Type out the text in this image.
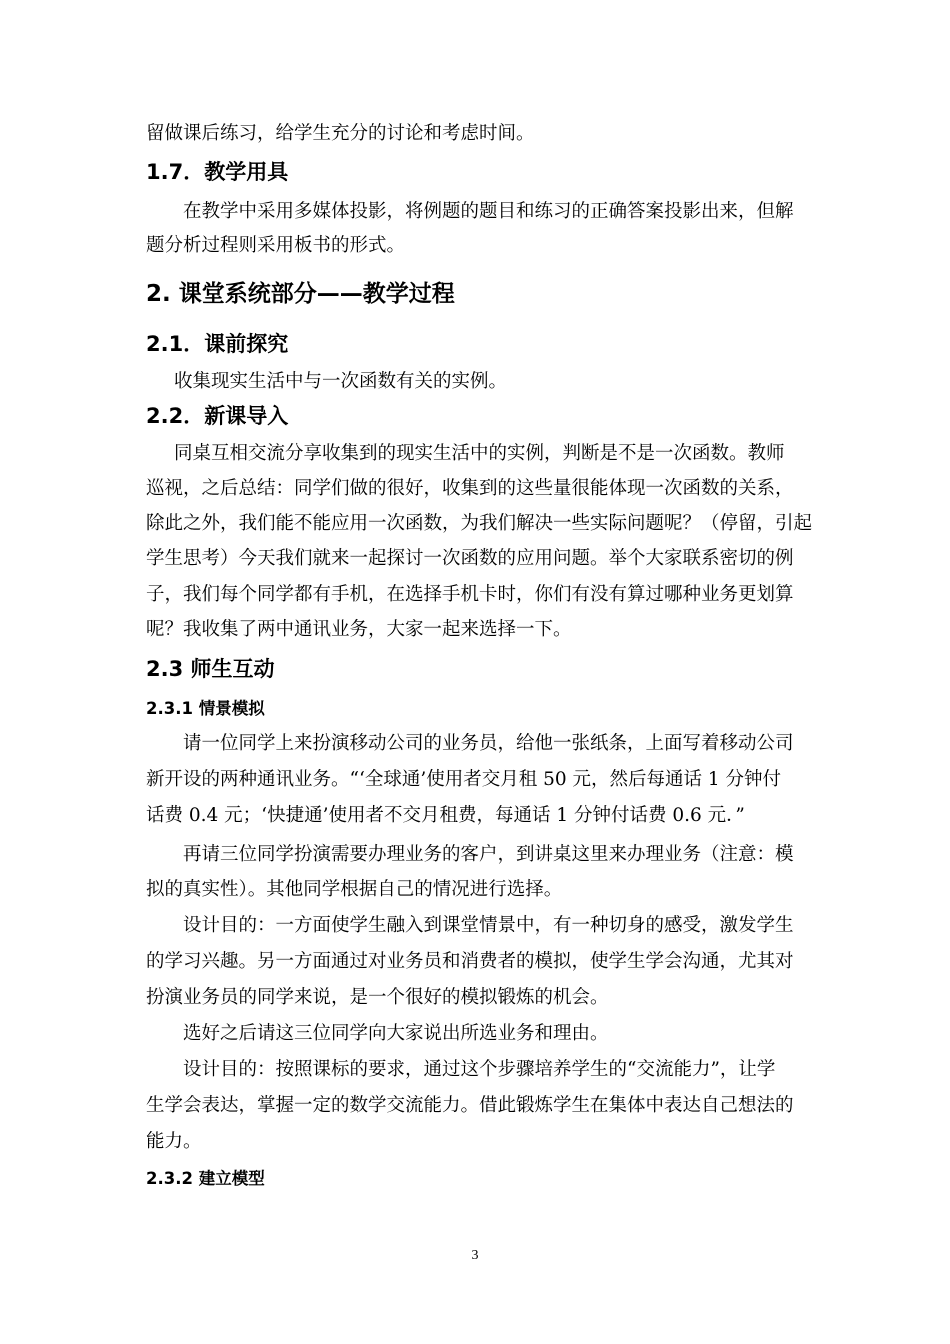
留做课后练习，给学生充分的讨论和考虑时间。
1.7．教学用具
在教学中采用多媒体投影，将例题的题目和练习的正确答案投影出来，但解
题分析过程则采用板书的形式。
2. 课堂系统部分——教学过程
2.1．课前探究
收集现实生活中与一次函数有关的实例。
2.2．新课导入
同桌互相交流分享收集到的现实生活中的实例，判断是不是一次函数。教师
巡视，之后总结：同学们做的很好，收集到的这些量很能体现一次函数的关系，
除此之外，我们能不能应用一次函数，为我们解决一些实际问题呢？（停留，引起
学生思考）今天我们就来一起探讨一次函数的应用问题。举个大家联系密切的例
子，我们每个同学都有手机，在选择手机卡时，你们有没有算过哪种业务更划算
呢？我收集了两中通讯业务，大家一起来选择一下。
2.3 师生互动
2.3.1 情景模拟
请一位同学上来扮演移动公司的业务员，给他一张纸条，上面写着移动公司
新开设的两种通讯业务。“‘全球通’使用者交月租 50 元，然后每通话 1 分钟付
话费 0.4 元；‘快捷通’使用者不交月租费，每通话 1 分钟付话费 0.6 元．”
再请三位同学扮演需要办理业务的客户，到讲桌这里来办理业务（注意：模
拟的真实性）。其他同学根据自己的情况进行选择。
设计目的：一方面使学生融入到课堂情景中，有一种切身的感受，激发学生
的学习兴趣。另一方面通过对业务员和消费者的模拟，使学生学会沟通，尤其对
扮演业务员的同学来说，是一个很好的模拟锻炼的机会。
选好之后请这三位同学向大家说出所选业务和理由。
设计目的：按照课标的要求，通过这个步骤培养学生的“交流能力”，让学
生学会表达，掌握一定的数学交流能力。借此锻炼学生在集体中表达自己想法的
能力。
2.3.2 建立模型
3
